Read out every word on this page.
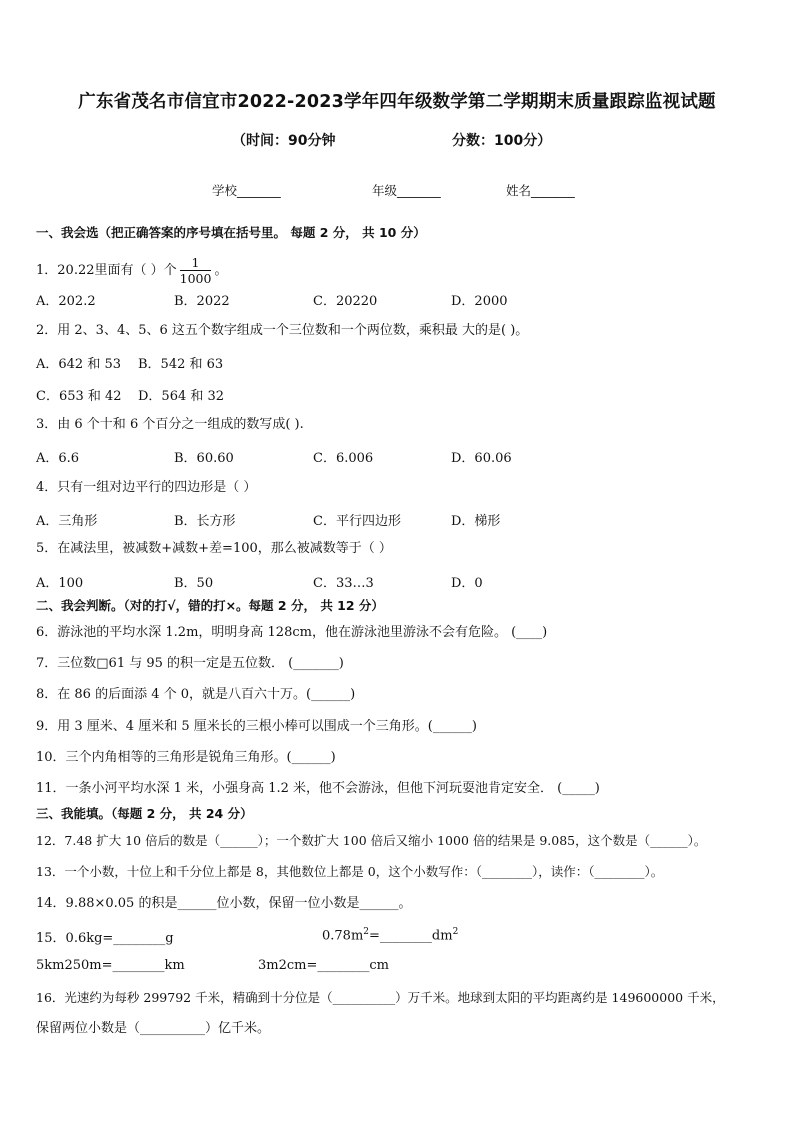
广东省茂名市信宜市2022-2023学年四年级数学第二学期期末质量跟踪监视试题
（时间：90分钟	分数：100分）
学校_______	年级_______	姓名_______
一、我会选（把正确答案的序号填在括号里。 每题 2 分， 共 10 分）
1．20.22里面有（ ）个 $\frac{1}{1000}$ 。
A．202.2	B．2022	C．20220	D．2000
2．用 2、3、4、5、6 这五个数字组成一个三位数和一个两位数，乘积最 大的是( )。
A．642 和 53 B．542 和 63
C．653 和 42 D．564 和 32
3．由 6 个十和 6 个百分之一组成的数写成( ).
A．6.6	B．60.60	C．6.006	D．60.06
4．只有一组对边平行的四边形是（ ）
A．三角形	B．长方形	C．平行四边形	D．梯形
5．在减法里，被减数+减数+差=100，那么被减数等于（ ）
A．100	B．50	C．33…3	D．0
二、我会判断。（对的打√，错的打×。每题 2 分， 共 12 分）
6．游泳池的平均水深 1.2m，明明身高 128cm，他在游泳池里游泳不会有危险。 (____)
7．三位数□61 与 95 的积一定是五位数． (_______)
8．在 86 的后面添 4 个 0，就是八百六十万。(______)
9．用 3 厘米、4 厘米和 5 厘米长的三根小棒可以围成一个三角形。(______)
10．三个内角相等的三角形是锐角三角形。(______)
11．一条小河平均水深 1 米，小强身高 1.2 米，他不会游泳，但他下河玩耍池肯定安全． (_____)
三、我能填。（每题 2 分， 共 24 分）
12．7.48 扩大 10 倍后的数是（______）；一个数扩大 100 倍后又缩小 1000 倍的结果是 9.085，这个数是（______）。
13．一个小数，十位上和千分位上都是 8，其他数位上都是 0，这个小数写作：（________），读作：（________）。
14．9.88×0.05 的积是______位小数，保留一位小数是______。
15．0.6kg=________g	$0.78m^2=\_\_\_\_\_\_\_\_dm^2$
5km250m=________km	3m2cm=________cm
16．光速约为每秒 299792 千米，精确到十分位是（__________）万千米。地球到太阳的平均距离约是 149600000 千米，
保留两位小数是（__________）亿千米。
